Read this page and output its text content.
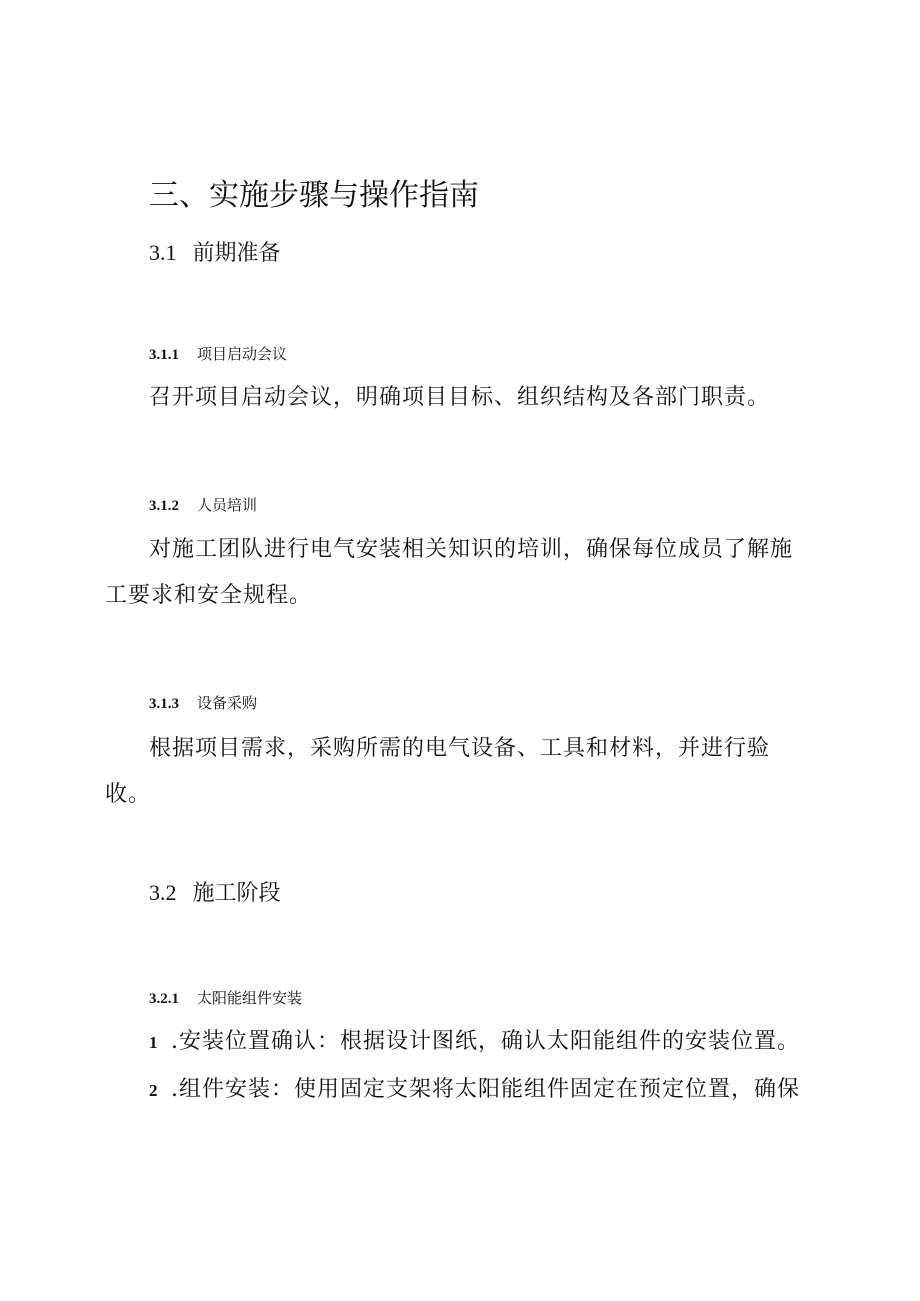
三、实施步骤与操作指南
3.1 前期准备
3.1.1 项目启动会议
召开项目启动会议，明确项目目标、组织结构及各部门职责。
3.1.2 人员培训
对施工团队进行电气安装相关知识的培训，确保每位成员了解施
工要求和安全规程。
3.1.3 设备采购
根据项目需求，采购所需的电气设备、工具和材料，并进行验
收。
3.2 施工阶段
3.2.1 太阳能组件安装
1 .安装位置确认：根据设计图纸，确认太阳能组件的安装位置。
2 .组件安装：使用固定支架将太阳能组件固定在预定位置，确保
